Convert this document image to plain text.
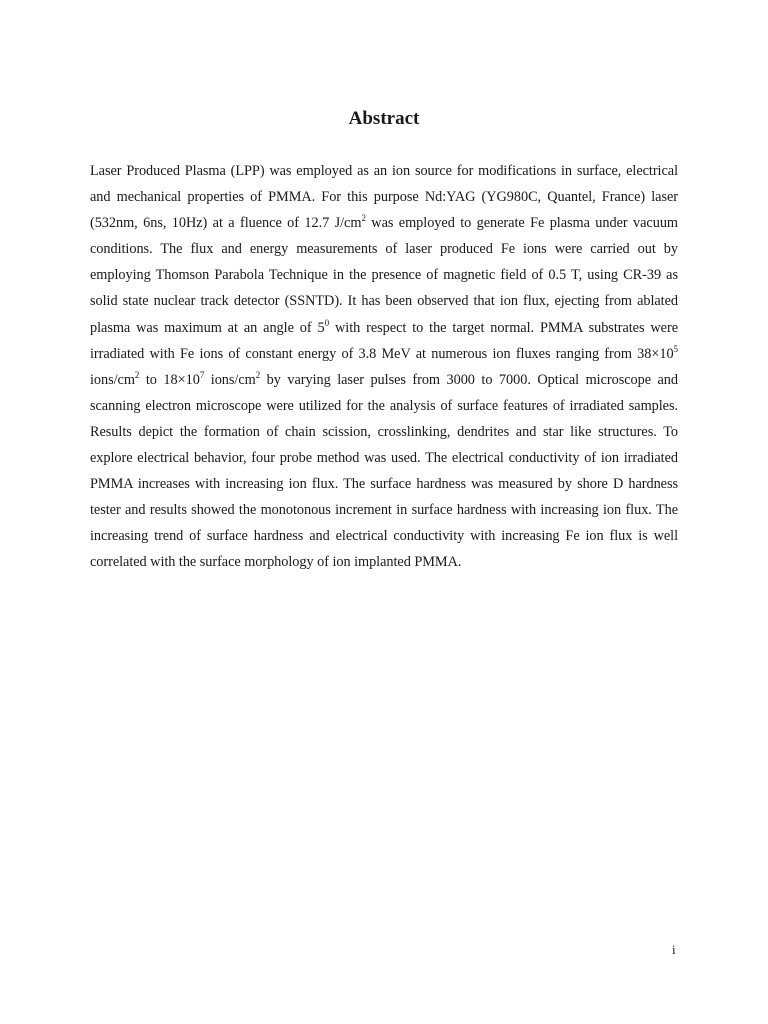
Abstract

Laser Produced Plasma (LPP) was employed as an ion source for modifications in surface, electrical and mechanical properties of PMMA. For this purpose Nd:YAG (YG980C, Quantel, France) laser (532nm, 6ns, 10Hz) at a fluence of 12.7 $J/cm^2$ was employed to generate Fe plasma under vacuum conditions. The flux and energy measurements of laser produced Fe ions were carried out by employing Thomson Parabola Technique in the presence of magnetic field of 0.5 T, using CR-39 as solid state nuclear track detector (SSNTD). It has been observed that ion flux, ejecting from ablated plasma was maximum at an angle of $5^0$ with respect to the target normal. PMMA substrates were irradiated with Fe ions of constant energy of 3.8 MeV at numerous ion fluxes ranging from $38\times 10^5$ ions/$cm^2$ to $18\times 10^7$ ions/$cm^2$ by varying laser pulses from 3000 to 7000. Optical microscope and scanning electron microscope were utilized for the analysis of surface features of irradiated samples. Results depict the formation of chain scission, crosslinking, dendrites and star like structures. To explore electrical behavior, four probe method was used. The electrical conductivity of ion irradiated PMMA increases with increasing ion flux. The surface hardness was measured by shore D hardness tester and results showed the monotonous increment in surface hardness with increasing ion flux. The increasing trend of surface hardness and electrical conductivity with increasing Fe ion flux is well correlated with the surface morphology of ion implanted PMMA.

i
